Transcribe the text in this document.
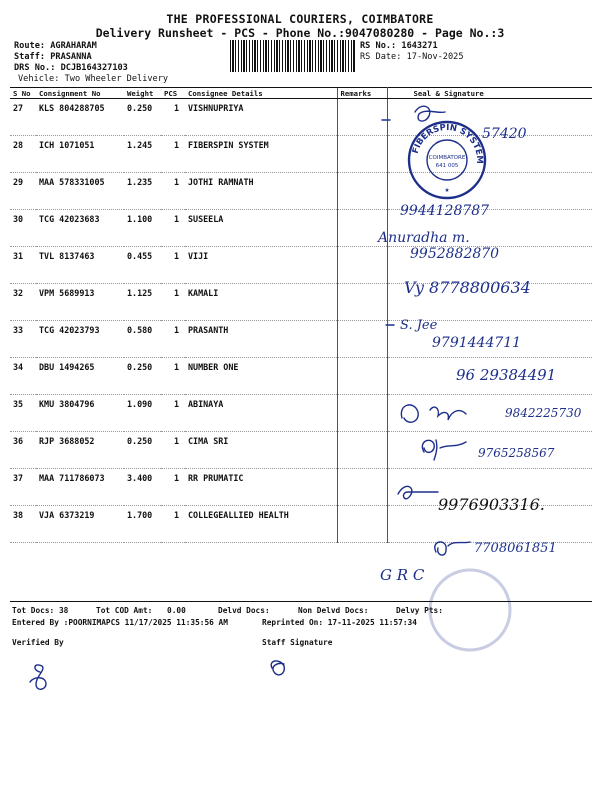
THE PROFESSIONAL COURIERS, COIMBATORE
Delivery Runsheet - PCS - Phone No.:9047080280 - Page No.:3
Route: AGRAHARAM
Staff: PRASANNA
DRS No.: DCJB164327103
Vehicle: Two Wheeler Delivery
RS No.: 1643271
RS Date: 17-Nov-2025
S No	Consignment No	Weight	PCS	Consignee Details	Remarks	Seal & Signature
27	KLS 804288705	0.250	1	VISHNUPRIYA		
28	ICH 1071051	1.245	1	FIBERSPIN SYSTEM		
29	MAA 578331005	1.235	1	JOTHI RAMNATH		
30	TCG 42023683	1.100	1	SUSEELA		
31	TVL 8137463	0.455	1	VIJI		
32	VPM 5689913	1.125	1	KAMALI		
33	TCG 42023793	0.580	1	PRASANTH		
34	DBU 1494265	0.250	1	NUMBER ONE		
35	KMU 3804796	1.090	1	ABINAYA		
36	RJP 3688052	0.250	1	CIMA SRI		
37	MAA 711786073	3.400	1	RR PRUMATIC		
38	VJA 6373219	1.700	1	COLLEGEALLIED HEALTH		
FIBERSPIN SYSTEM
COIMBATORE
641 005
★
57420
9944128787
Anuradha m.
9952882870
Vy 8778800634
S. Jee
9791444711
96 29384491
9842225730
9765258567
9976903316.
7708061851
G R C
Tot Docs: 38	Tot COD Amt: 0.00	Delvd Docs:	Non Delvd Docs:	Delvy Pts:
Entered By :POORNIMAPCS 11/17/2025 11:35:56 AM	Reprinted On: 17-11-2025 11:57:34
Verified By	Staff Signature
